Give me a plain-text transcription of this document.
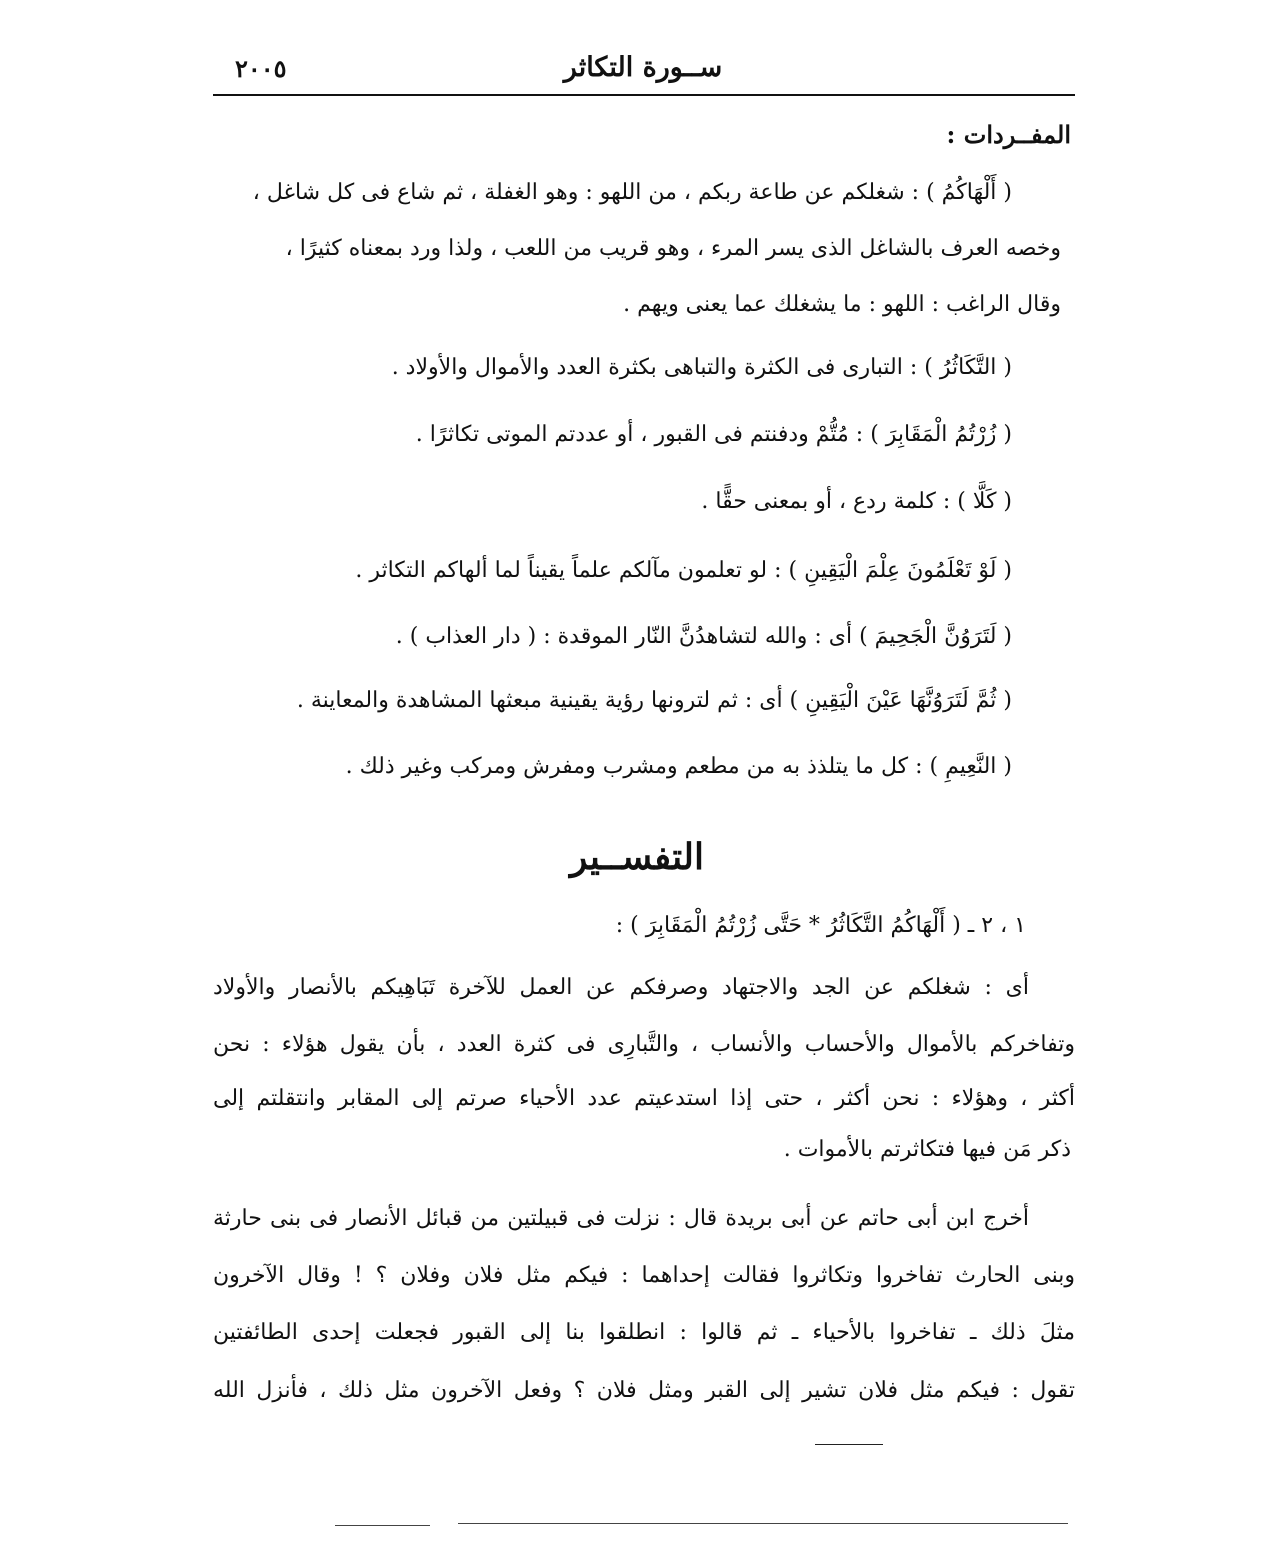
ســورة التكاثر
٢٠٠٥
المفــردات :
( أَلْهَاكُمُ ) : شغلكم عن طاعة ربكم ، من اللهو : وهو الغفلة ، ثم شاع فى كل شاغل ،
وخصه العرف بالشاغل الذى يسر المرء ، وهو قريب من اللعب ، ولذا ورد بمعناه كثيرًا ،
وقال الراغب : اللهو : ما يشغلك عما يعنى ويهم .
( التَّكَاثُرُ ) : التبارى فى الكثرة والتباهى بكثرة العدد والأموال والأولاد .
( زُرْتُمُ الْمَقَابِرَ ) : مُتُّمْ ودفنتم فى القبور ، أو عددتم الموتى تكاثرًا .
( كَلَّا ) : كلمة ردع ، أو بمعنى حقًّا .
( لَوْ تَعْلَمُونَ عِلْمَ الْيَقِينِ ) : لو تعلمون مآلكم علماً يقيناً لما ألهاكم التكاثر .
( لَتَرَوُنَّ الْجَحِيمَ ) أى : والله لتشاهدُنَّ النّار الموقدة : ( دار العذاب ) .
( ثُمَّ لَتَرَوُنَّهَا عَيْنَ الْيَقِينِ ) أى : ثم لترونها رؤية يقينية مبعثها المشاهدة والمعاينة .
( النَّعِيمِ ) : كل ما يتلذذ به من مطعم ومشرب ومفرش ومركب وغير ذلك .
التفســير
١ ، ٢ ـ ( أَلْهَاكُمُ التَّكَاثُرُ * حَتَّى زُرْتُمُ الْمَقَابِرَ ) :
أى : شغلكم عن الجد والاجتهاد وصرفكم عن العمل للآخرة تَبَاهِيكم بالأنصار والأولاد
وتفاخركم بالأموال والأحساب والأنساب ، والتَّبارِى فى كثرة العدد ، بأن يقول هؤلاء : نحن
أكثر ، وهؤلاء : نحن أكثر ، حتى إذا استدعيتم عدد الأحياء صرتم إلى المقابر وانتقلتم إلى
ذكر مَن فيها فتكاثرتم بالأموات .
أخرج ابن أبى حاتم عن أبى بريدة قال : نزلت فى قبيلتين من قبائل الأنصار فى بنى حارثة
وبنى الحارث تفاخروا وتكاثروا فقالت إحداهما : فيكم مثل فلان وفلان ؟ ! وقال الآخرون
مثلَ ذلك ـ تفاخروا بالأحياء ـ ثم قالوا : انطلقوا بنا إلى القبور فجعلت إحدى الطائفتين
تقول : فيكم مثل فلان تشير إلى القبر ومثل فلان ؟ وفعل الآخرون مثل ذلك ، فأنزل الله
